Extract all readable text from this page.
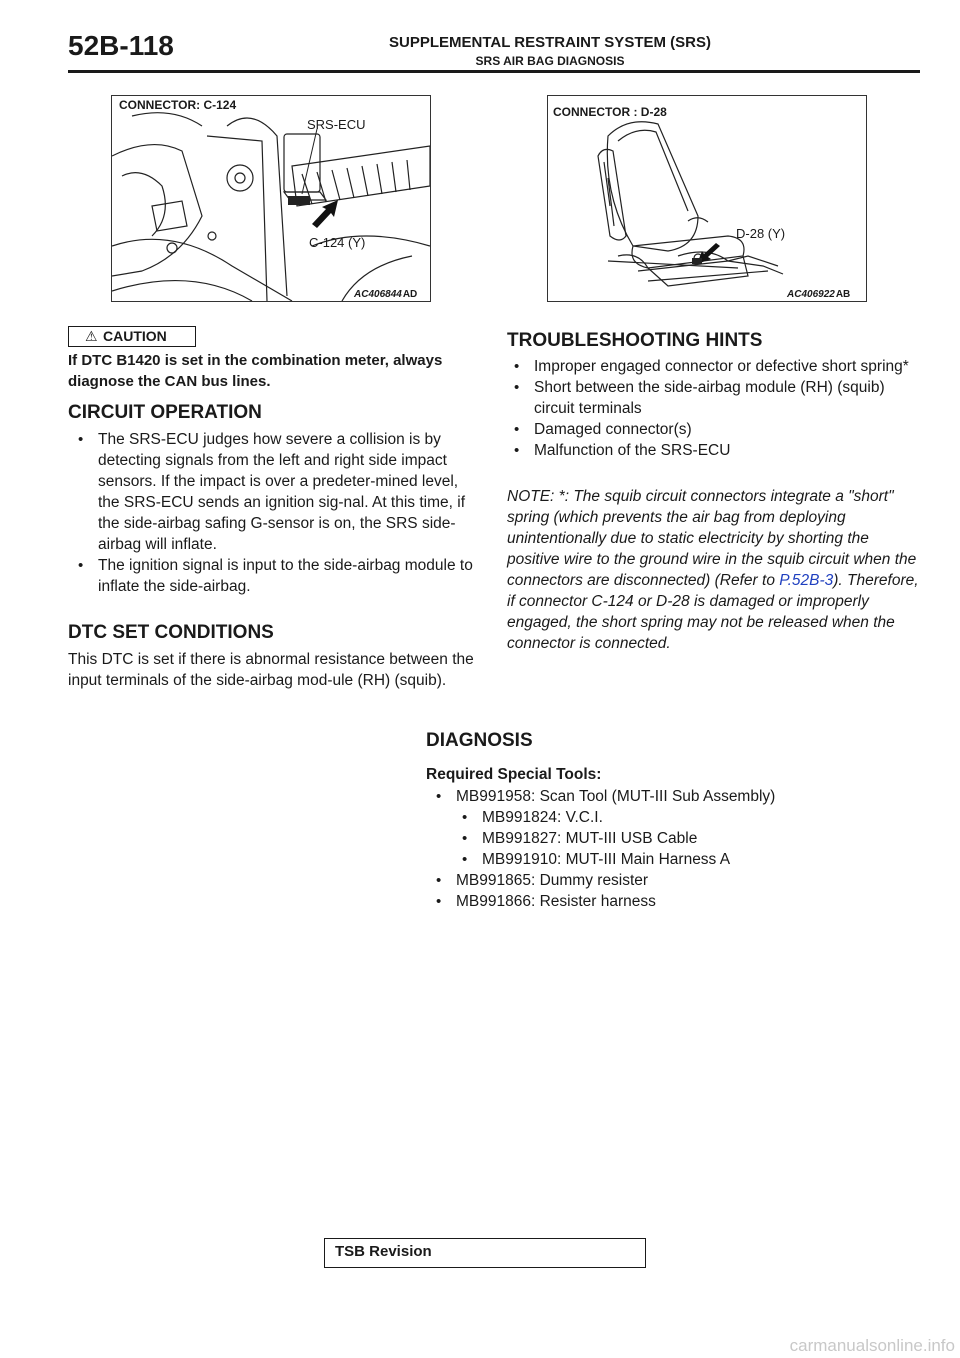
52B-118	SUPPLEMENTAL RESTRAINT SYSTEM (SRS)
SRS AIR BAG DIAGNOSIS
CONNECTOR: C-124
SRS-ECU
C-124 (Y)
AC406844AD
CONNECTOR : D-28
D-28 (Y)
AC406922AB
⚠ CAUTION
If DTC B1420 is set in the combination meter, always diagnose the CAN bus lines.
CIRCUIT OPERATION
• The SRS-ECU judges how severe a collision is by detecting signals from the left and right side impact sensors. If the impact is over a predeter-mined level, the SRS-ECU sends an ignition sig-nal. At this time, if the side-airbag safing G-sensor is on, the SRS side-airbag will inflate.
• The ignition signal is input to the side-airbag module to inflate the side-airbag.
DTC SET CONDITIONS
This DTC is set if there is abnormal resistance between the input terminals of the side-airbag mod-ule (RH) (squib).
TROUBLESHOOTING HINTS
• Improper engaged connector or defective short spring*
• Short between the side-airbag module (RH) (squib) circuit terminals
• Damaged connector(s)
• Malfunction of the SRS-ECU
NOTE: *: The squib circuit connectors integrate a "short" spring (which prevents the air bag from deploying unintentionally due to static electricity by shorting the positive wire to the ground wire in the squib circuit when the connectors are disconnected) (Refer to P.52B-3). Therefore, if connector C-124 or D-28 is damaged or improperly engaged, the short spring may not be released when the connector is connected.
DIAGNOSIS
Required Special Tools:
• MB991958: Scan Tool (MUT-III Sub Assembly)
• MB991824: V.C.I.
• MB991827: MUT-III USB Cable
• MB991910: MUT-III Main Harness A
• MB991865: Dummy resister
• MB991866: Resister harness
TSB Revision
carmanualsonline.info
